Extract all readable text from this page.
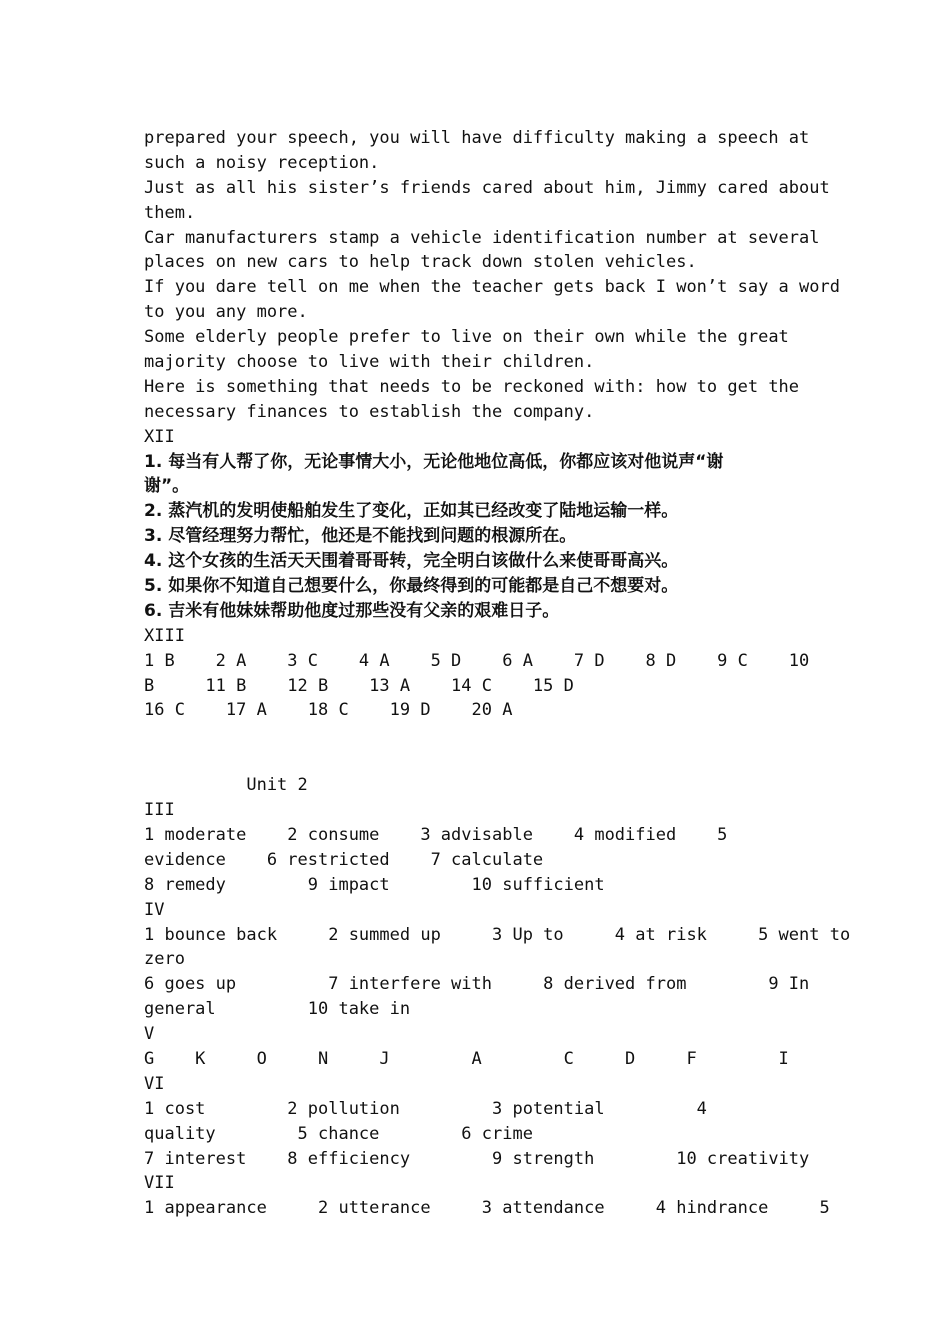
prepared your speech, you will have difficulty making a speech at
such a noisy reception.
Just as all his sister’s friends cared about him, Jimmy cared about
them.
Car manufacturers stamp a vehicle identification number at several
places on new cars to help track down stolen vehicles.
If you dare tell on me when the teacher gets back I won’t say a word
to you any more.
Some elderly people prefer to live on their own while the great
majority choose to live with their children.
Here is something that needs to be reckoned with: how to get the
necessary finances to establish the company.
XII
1. 每当有人帮了你，无论事情大小，无论他地位高低，你都应该对他说声“谢
谢”。
2. 蒸汽机的发明使船舶发生了变化，正如其已经改变了陆地运输一样。
3. 尽管经理努力帮忙，他还是不能找到问题的根源所在。
4. 这个女孩的生活天天围着哥哥转，完全明白该做什么来使哥哥高兴。
5. 如果你不知道自己想要什么，你最终得到的可能都是自己不想要对。
6. 吉米有他妹妹帮助他度过那些没有父亲的艰难日子。
XIII
1 B    2 A    3 C    4 A    5 D    6 A    7 D    8 D    9 C    10
B     11 B    12 B    13 A    14 C    15 D
16 C    17 A    18 C    19 D    20 A
Unit 2
III
1 moderate    2 consume    3 advisable    4 modified    5
evidence    6 restricted    7 calculate
8 remedy        9 impact        10 sufficient
IV
1 bounce back     2 summed up     3 Up to     4 at risk     5 went to
zero
6 goes up         7 interfere with     8 derived from        9 In
general         10 take in
V
G    K     O     N     J        A        C     D     F        I
VI
1 cost        2 pollution         3 potential         4
quality        5 chance        6 crime
7 interest    8 efficiency        9 strength        10 creativity
VII
1 appearance     2 utterance     3 attendance     4 hindrance     5
